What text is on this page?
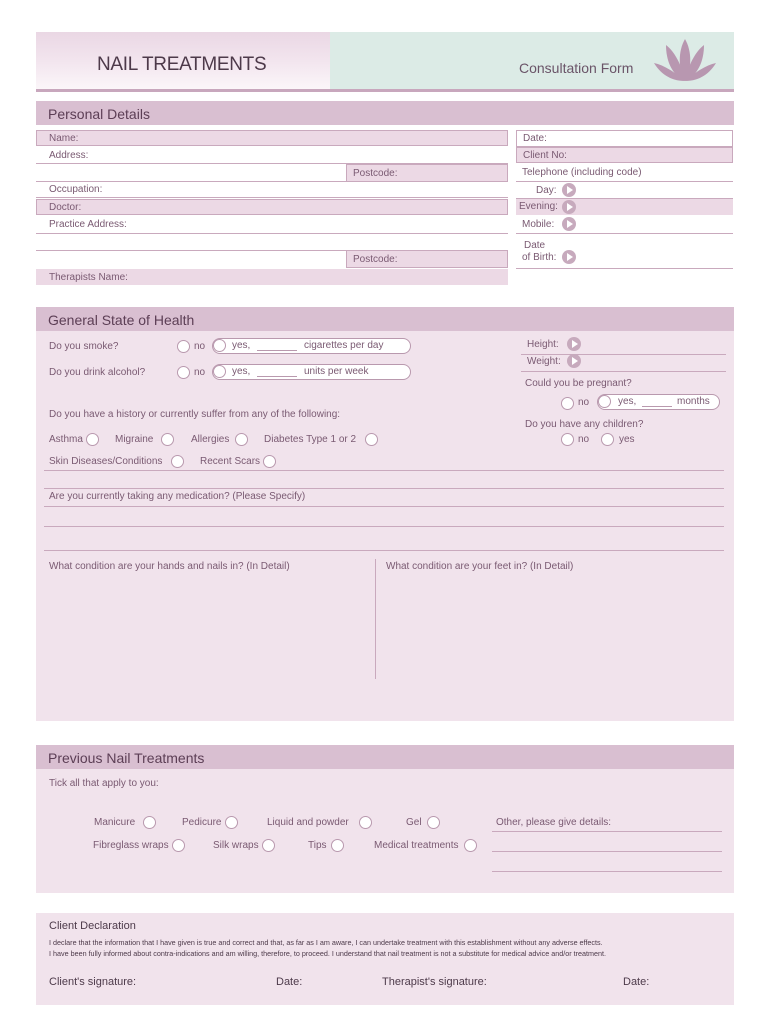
NAIL TREATMENTS	Consultation Form
Personal Details
Name:
Address:
Postcode:
Occupation:
Doctor:
Practice Address:
Postcode:
Therapists Name:
Date:
Client No:
Telephone (including code)
Day:
Evening:
Mobile:
Date
of Birth:
General State of Health
Do you smoke?	no	yes,	cigarettes per day
Do you drink alcohol?	no	yes,	units per week
Height:
Weight:
Could you be pregnant?
no	yes,	months
Do you have any children?
no	yes
Do you have a history or currently suffer from any of the following:
Asthma	Migraine	Allergies	Diabetes Type 1 or 2
Skin Diseases/Conditions	Recent Scars
Are you currently taking any medication? (Please Specify)
What condition are your hands and nails in? (In Detail)	What condition are your feet in? (In Detail)
Previous Nail Treatments
Tick all that apply to you:
Manicure	Pedicure	Liquid and powder	Gel
Fibreglass wraps	Silk wraps	Tips	Medical treatments
Other, please give details:
Client Declaration
I declare that the information that I have given is true and correct and that, as far as I am aware, I can undertake treatment with this establishment without any adverse effects.
I have been fully informed about contra-indications and am willing, therefore, to proceed. I understand that nail treatment is not a substitute for medical advice and/or treatment.
Client's signature:	Date:	Therapist's signature:	Date:
